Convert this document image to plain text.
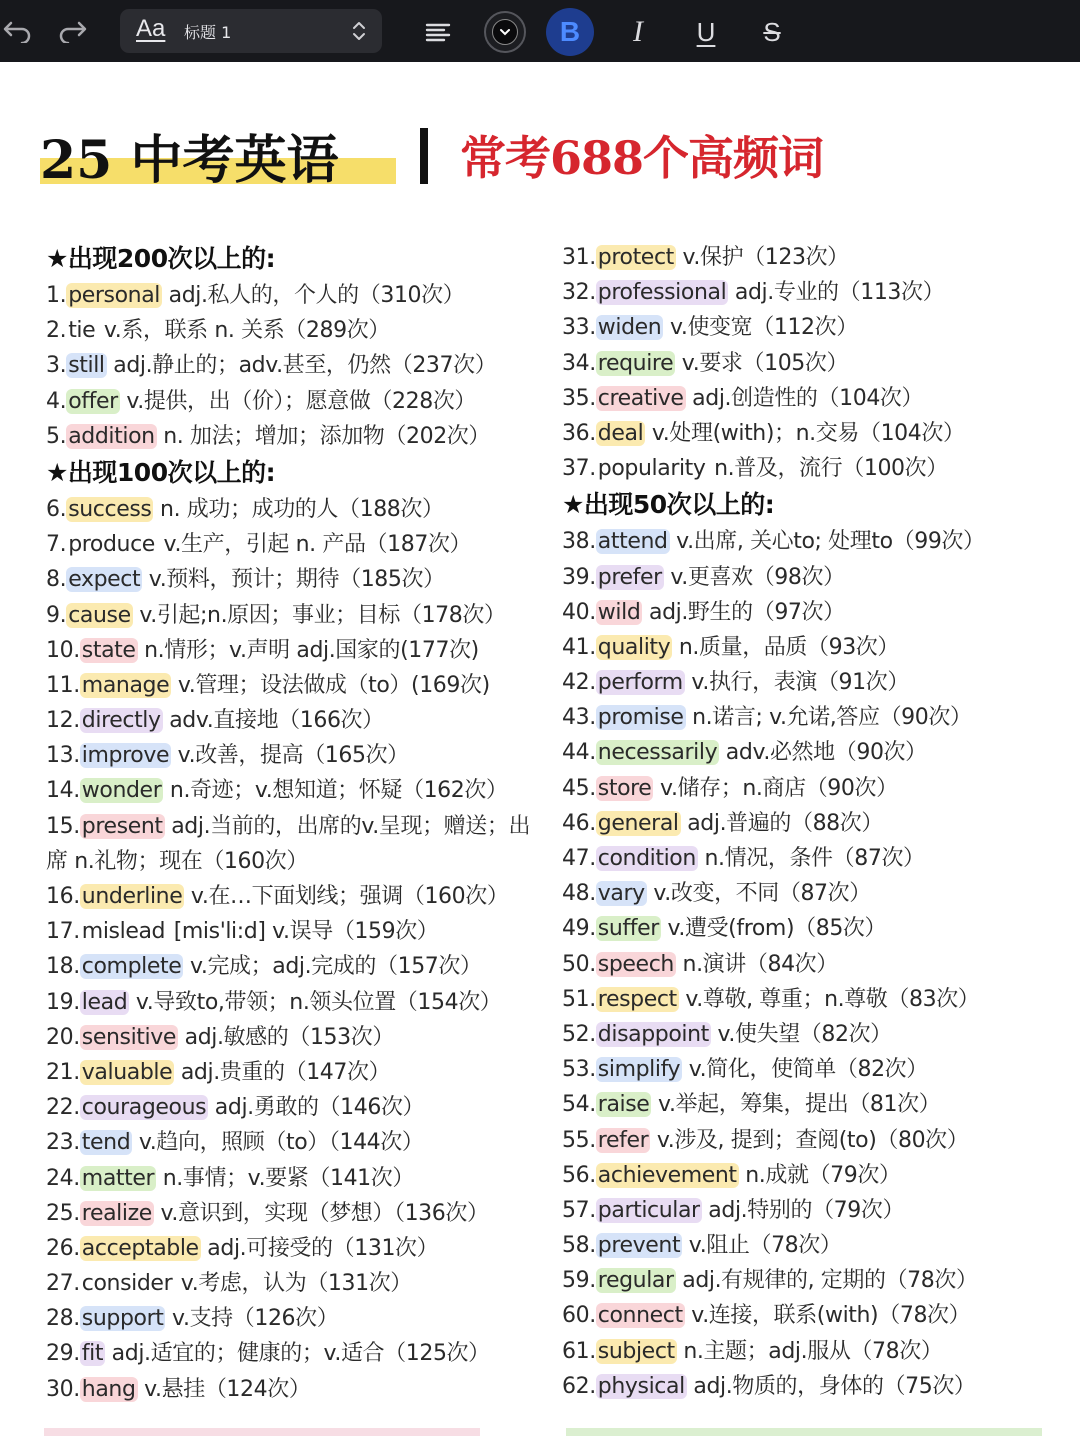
Aa 标题 1	B	I	U	S
25 中考英语	常考688个高频词
★出现200次以上的:
1.personal adj.私人的，个人的（310次）
2.tie v.系，联系 n. 关系（289次）
3.still adj.静止的；adv.甚至，仍然（237次）
4.offer v.提供，出（价）；愿意做（228次）
5.addition n. 加法；增加；添加物（202次）
★出现100次以上的:
6.success n. 成功；成功的人（188次）
7.produce v.生产，引起 n. 产品（187次）
8.expect v.预料，预计；期待（185次）
9.cause v.引起;n.原因；事业；目标（178次）
10.state n.情形；v.声明 adj.国家的(177次)
11.manage v.管理；设法做成（to）(169次)
12.directly adv.直接地（166次）
13.improve v.改善，提高（165次）
14.wonder n.奇迹；v.想知道；怀疑（162次）
15.present adj.当前的，出席的v.呈现；赠送；出席 n.礼物；现在（160次）
16.underline v.在…下面划线；强调（160次）
17.mislead [mis'li:d] v.误导（159次）
18.complete v.完成；adj.完成的（157次）
19.lead v.导致to,带领；n.领头位置（154次）
20.sensitive adj.敏感的（153次）
21.valuable adj.贵重的（147次）
22.courageous adj.勇敢的（146次）
23.tend v.趋向，照顾（to）（144次）
24.matter n.事情；v.要紧（141次）
25.realize v.意识到，实现（梦想）（136次）
26.acceptable adj.可接受的（131次）
27.consider v.考虑，认为（131次）
28.support v.支持（126次）
29.fit adj.适宜的；健康的；v.适合（125次）
30.hang v.悬挂（124次）
31.protect v.保护（123次）
32.professional adj.专业的（113次）
33.widen v.使变宽（112次）
34.require v.要求（105次）
35.creative adj.创造性的（104次）
36.deal v.处理(with)；n.交易（104次）
37.popularity n.普及，流行（100次）
★出现50次以上的:
38.attend v.出席, 关心to; 处理to（99次）
39.prefer v.更喜欢（98次）
40.wild adj.野生的（97次）
41.quality n.质量，品质（93次）
42.perform v.执行，表演（91次）
43.promise n.诺言; v.允诺,答应（90次）
44.necessarily adv.必然地（90次）
45.store v.储存；n.商店（90次）
46.general adj.普遍的（88次）
47.condition n.情况，条件（87次）
48.vary v.改变，不同（87次）
49.suffer v.遭受(from)（85次）
50.speech n.演讲（84次）
51.respect v.尊敬, 尊重；n.尊敬（83次）
52.disappoint v.使失望（82次）
53.simplify v.简化，使简单（82次）
54.raise v.举起，筹集，提出（81次）
55.refer v.涉及, 提到；查阅(to)（80次）
56.achievement n.成就（79次）
57.particular adj.特别的（79次）
58.prevent v.阻止（78次）
59.regular adj.有规律的, 定期的（78次）
60.connect v.连接，联系(with)（78次）
61.subject n.主题；adj.服从（78次）
62.physical adj.物质的，身体的（75次）
